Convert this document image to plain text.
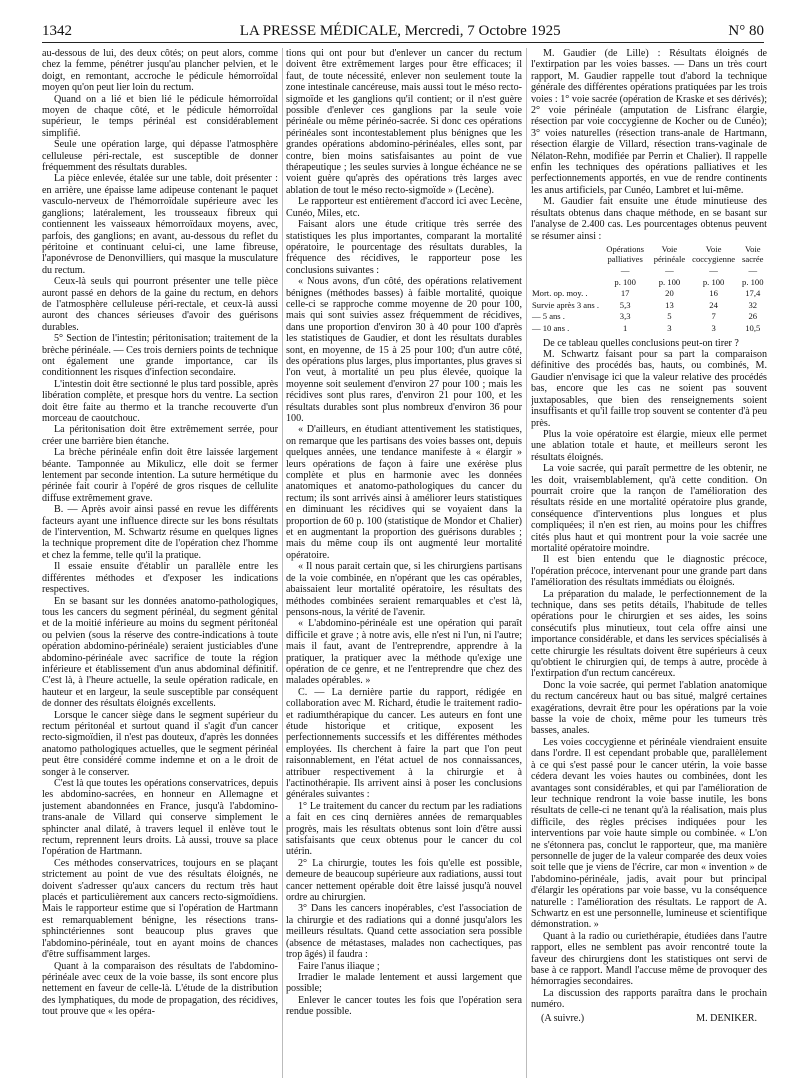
1342	LA PRESSE MÉDICALE, Mercredi, 7 Octobre 1925	N° 80

au-dessous de lui, des deux côtés; on peut alors, comme chez la femme, pénétrer jusqu'au plancher pelvien, et le doigt, en remontant, accroche le pédicule hémorroïdal moyen qu'on peut lier loin du rectum.

Quand on a lié et bien lié le pédicule hémorroïdal moyen de chaque côté, et le pédicule hémorroïdal supérieur, le temps périnéal est considérablement simplifié.

Seule une opération large, qui dépasse l'atmosphère celluleuse péri-rectale, est susceptible de donner fréquemment des résultats durables.

La pièce enlevée, étalée sur une table, doit présenter : en arrière, une épaisse lame adipeuse contenant le paquet vasculo-nerveux de l'hémorroïdale supérieure avec les ganglions; latéralement, les trousseaux fibreux qui contiennent les vaisseaux hémorroïdaux moyens, avec, parfois, des ganglions; en avant, au-dessous du reflet du péritoine et continuant celui-ci, une lame fibreuse, l'aponévrose de Denonvilliers, qui masque la musculature du rectum.

Ceux-là seuls qui pourront présenter une telle pièce auront passé en dehors de la gaine du rectum, en dehors de l'atmosphère celluleuse péri-rectale, et ceux-là aussi auront des chances sérieuses d'avoir des guérisons durables.

5° Section de l'intestin; péritonisation; traitement de la brèche périnéale. — Ces trois derniers points de technique ont également une grande importance, car ils conditionnent les risques d'infection secondaire.

L'intestin doit être sectionné le plus tard possible, après libération complète, et presque hors du ventre. La section doit être faite au thermo et la tranche recouverte d'un morceau de caoutchouc.

La péritonisation doit être extrêmement serrée, pour créer une barrière bien étanche.

La brèche périnéale enfin doit être laissée largement béante. Tamponnée au Mikulicz, elle doit se fermer lentement par seconde intention. La suture hermétique du périnée fait courir à l'opéré de gros risques de cellulite diffuse extrêmement grave.

B. — Après avoir ainsi passé en revue les différents facteurs ayant une influence directe sur les bons résultats de l'intervention, M. Schwartz résume en quelques lignes la technique proprement dite de l'opération chez l'homme et chez la femme, telle qu'il la pratique.

Il essaie ensuite d'établir un parallèle entre les différentes méthodes et d'exposer les indications respectives.

En se basant sur les données anatomo-pathologiques, tous les cancers du segment périnéal, du segment génital et de la moitié inférieure au moins du segment péritonéal ou pelvien (sous la réserve des contre-indications à toute opération abdomino-périnéale) seraient justiciables d'une abdomino-périnéale avec sacrifice de toute la région inférieure et établissement d'un anus abdominal définitif. C'est là, à l'heure actuelle, la seule opération radicale, en hauteur et en largeur, la seule susceptible par conséquent de donner des résultats éloignés excellents.

Lorsque le cancer siège dans le segment supérieur du rectum péritonéal et surtout quand il s'agit d'un cancer recto-sigmoïdien, il n'est pas douteux, d'après les données anatomo pathologiques actuelles, que le segment périnéal peut être considéré comme indemne et on a le droit de songer à le conserver.

C'est là que toutes les opérations conservatrices, depuis les abdomino-sacrées, en honneur en Allemagne et justement abandonnées en France, jusqu'à l'abdomino-trans-anale de Villard qui conserve simplement le sphincter anal dilaté, à travers lequel il enlève tout le rectum, reprennent leurs droits. Là aussi, trouve sa place l'opération de Hartmann.

Ces méthodes conservatrices, toujours en se plaçant strictement au point de vue des résultats éloignés, ne doivent s'adresser qu'aux cancers du rectum très haut placés et particulièrement aux cancers recto-sigmoïdiens. Mais le rapporteur estime que si l'opération de Hartmann est remarquablement bénigne, les résections trans-sphinctériennes sont beaucoup plus graves que l'abdomino-périnéale, tout en ayant moins de chances d'être suffisamment larges.

Quant à la comparaison des résultats de l'abdomino-périnéale avec ceux de la voie basse, ils sont encore plus nettement en faveur de celle-là. L'étude de la distribution des lymphatiques, du mode de propagation, des récidives, tout prouve que « les opéra-

tions qui ont pour but d'enlever un cancer du rectum doivent être extrêmement larges pour être efficaces; il faut, de toute nécessité, enlever non seulement toute la zone intestinale cancéreuse, mais aussi tout le méso recto-sigmoïde et les ganglions qu'il contient; or il n'est guère possible d'enlever ces ganglions par la seule voie périnéale ou même périnéo-sacrée. Si donc ces opérations périnéales sont incontestablement plus bénignes que les grandes opérations abdomino-périnéales, elles sont, par contre, bien moins satisfaisantes au point de vue thérapeutique ; les seules survies à longue échéance ne se voient guère qu'après des opérations très larges avec ablation de tout le méso recto-sigmoïde » (Lecène).

Le rapporteur est entièrement d'accord ici avec Lecène, Cunéo, Miles, etc.

Faisant alors une étude critique très serrée des statistiques les plus importantes, comparant la mortalité opératoire, le pourcentage des résultats durables, la fréquence des récidives, le rapporteur pose les conclusions suivantes :

« Nous avons, d'un côté, des opérations relativement bénignes (méthodes basses) à faible mortalité, quoique celle-ci se rapproche comme moyenne de 20 pour 100, mais qui sont suivies assez fréquemment de récidives, dans une proportion d'environ 30 à 40 pour 100 d'après les statistiques de Gaudier, et dont les résultats durables sont, en moyenne, de 15 à 25 pour 100; d'un autre côté, des opérations plus larges, plus importantes, plus graves si l'on veut, à mortalité un peu plus élevée, quoique la moyenne soit seulement d'environ 27 pour 100 ; mais les récidives sont plus rares, d'environ 21 pour 100, et les résultats durables sont plus nombreux d'environ 36 pour 100.

« D'ailleurs, en étudiant attentivement les statistiques, on remarque que les partisans des voies basses ont, depuis quelques années, une tendance manifeste à « élargir » leurs opérations de façon à faire une exérèse plus complète et plus en harmonie avec les données anatomiques et anatomo-pathologiques du cancer du rectum; ils sont arrivés ainsi à améliorer leurs statistiques en diminuant les récidives qui se voyaient dans la proportion de 60 p. 100 (statistique de Mondor et Chalier) et en augmentant la proportion des guérisons durables ; mais du même coup ils ont augmenté leur mortalité opératoire.

« Il nous parait certain que, si les chirurgiens partisans de la voie combinée, en n'opérant que les cas opérables, abaissaient leur mortalité opératoire, les résultats des méthodes combinées seraient remarquables et c'est là, pensons-nous, la vérité de l'avenir.

« L'abdomino-périnéale est une opération qui paraît difficile et grave ; à notre avis, elle n'est ni l'un, ni l'autre; mais il faut, avant de l'entreprendre, apprendre à la pratiquer, la pratiquer avec la méthode qu'exige une opération de ce genre, et ne l'entreprendre que chez des malades opérables. »

C. — La dernière partie du rapport, rédigée en collaboration avec M. Richard, étudie le traitement radio- et radiumthérapique du cancer. Les auteurs en font une étude historique et critique, exposent les perfectionnements successifs et les différentes méthodes employées. Ils cherchent à faire la part que l'on peut raisonnablement, en l'état actuel de nos connaissances, attribuer respectivement à la chirurgie et à l'actinothérapie. Ils arrivent ainsi à poser les conclusions générales suivantes :

1° Le traitement du cancer du rectum par les radiations a fait en ces cinq dernières années de remarquables progrès, mais les résultats obtenus sont loin d'être aussi satisfaisants que ceux obtenus pour le cancer du col utérin.

2° La chirurgie, toutes les fois qu'elle est possible, demeure de beaucoup supérieure aux radiations, aussi tout cancer nettement opérable doit être laissé jusqu'à nouvel ordre au chirurgien.

3° Dans les cancers inopérables, c'est l'association de la chirurgie et des radiations qui a donné jusqu'alors les meilleurs résultats. Quand cette association sera possible (absence de métastases, malades non cachectiques, pas trop âgés) il faudra :

Faire l'anus iliaque ;

Irradier le malade lentement et aussi largement que possible;

Enlever le cancer toutes les fois que l'opération sera rendue possible.

M. Gaudier (de Lille) : Résultats éloignés de l'extirpation par les voies basses. — Dans un très court rapport, M. Gaudier rappelle tout d'abord la technique générale des différentes opérations pratiquées par les trois voies : 1° voie sacrée (opération de Kraske et ses dérivés); 2° voie périnéale (amputation de Lisfranc élargie, résection par voie coccygienne de Kocher ou de Cunéo); 3° voies naturelles (résection trans-anale de Hartmann, résection élargie de Villard, résection trans-vaginale de Nélaton-Rehn, modifiée par Perrin et Chalier). Il rappelle enfin les techniques des opérations palliatives et les perfectionnements apportés, en vue de rendre continents les anus artificiels, par Cunéo, Lambret et lui-même.

M. Gaudier fait ensuite une étude minutieuse des résultats obtenus dans chaque méthode, en se basant sur l'analyse de 2.400 cas. Les pourcentages obtenus peuvent se résumer ainsi :

	Opérations palliatives	Voie périnéale	Voie coccygienne	Voie sacrée
	—	—	—	—
	p. 100	p. 100	p. 100	p. 100
Mort. op. moy. .	17	20	16	17,4
Survie après 3 ans .	5,3	13	24	32
— 5 ans .	3,3	5	7	26
— 10 ans .	1	3	3	10,5

De ce tableau quelles conclusions peut-on tirer ?

M. Schwartz faisant pour sa part la comparaison définitive des procédés bas, hauts, ou combinés, M. Gaudier n'envisage ici que la valeur relative des procédés bas, encore que les cas ne soient pas souvent juxtaposables, que bien des renseignements soient insuffisants et qu'il faille trop souvent se contenter d'à peu près.

Plus la voie opératoire est élargie, mieux elle permet une ablation totale et haute, et meilleurs seront les résultats éloignés.

La voie sacrée, qui paraît permettre de les obtenir, ne les doit, vraisemblablement, qu'à cette condition. On pourrait croire que la rançon de l'amélioration des résultats réside en une mortalité opératoire plus grande, conséquence d'interventions plus longues et plus compliquées; il n'en est rien, au moins pour les chiffres cités plus haut et qui montrent pour la voie sacrée une mortalité opératoire moindre.

Il est bien entendu que le diagnostic précoce, l'opération précoce, intervenant pour une grande part dans l'amélioration des résultats immédiats ou éloignés.

La préparation du malade, le perfectionnement de la technique, dans ses petits détails, l'habitude de telles opérations pour le chirurgien et ses aides, les soins consécutifs plus minutieux, tout cela offre ainsi une importance considérable, et dans les services spécialisés à cette chirurgie les résultats doivent être supérieurs à ceux qu'obtient le chirurgien qui, de temps à autre, procède à l'extirpation d'un rectum cancéreux.

Donc la voie sacrée, qui permet l'ablation anatomique du rectum cancéreux haut ou bas situé, malgré certaines exagérations, devrait être pour les opérations par la voie basse la voie de choix, même pour les tumeurs très basses, anales.

Les voies coccygienne et périnéale viendraient ensuite dans l'ordre. Il est cependant probable que, parallèlement à ce qui s'est passé pour le cancer utérin, la voie basse cédera devant les voies hautes ou combinées, dont les avantages sont considérables, et qui par l'amélioration de leur technique rendront la voie basse inutile, les bons résultats de celle-ci ne tenant qu'à la réalisation, mais plus difficile, des règles précises indiquées pour les interventions par voie haute simple ou combinée. « L'on ne s'étonnera pas, conclut le rapporteur, que, ma manière personnelle de juger de la valeur comparée des deux voies soit telle que je viens de l'écrire, car mon « invention » de l'abdomino-périnéale, jadis, avait pour but principal d'élargir les opérations par voie basse, vu la conséquence naturelle : l'amélioration des résultats. Le rapport de A. Schwartz en est une personnelle, lumineuse et scientifique démonstration. »

Quant à la radio ou curiethérapie, étudiées dans l'autre rapport, elles ne semblent pas avoir rencontré toute la faveur des chirurgiens dont les statistiques ont servi de base à ce rapport. Mandl l'accuse même de provoquer des hémorragies secondaires.

La discussion des rapports paraîtra dans le prochain numéro.

(A suivre.)	M. DENIKER.
